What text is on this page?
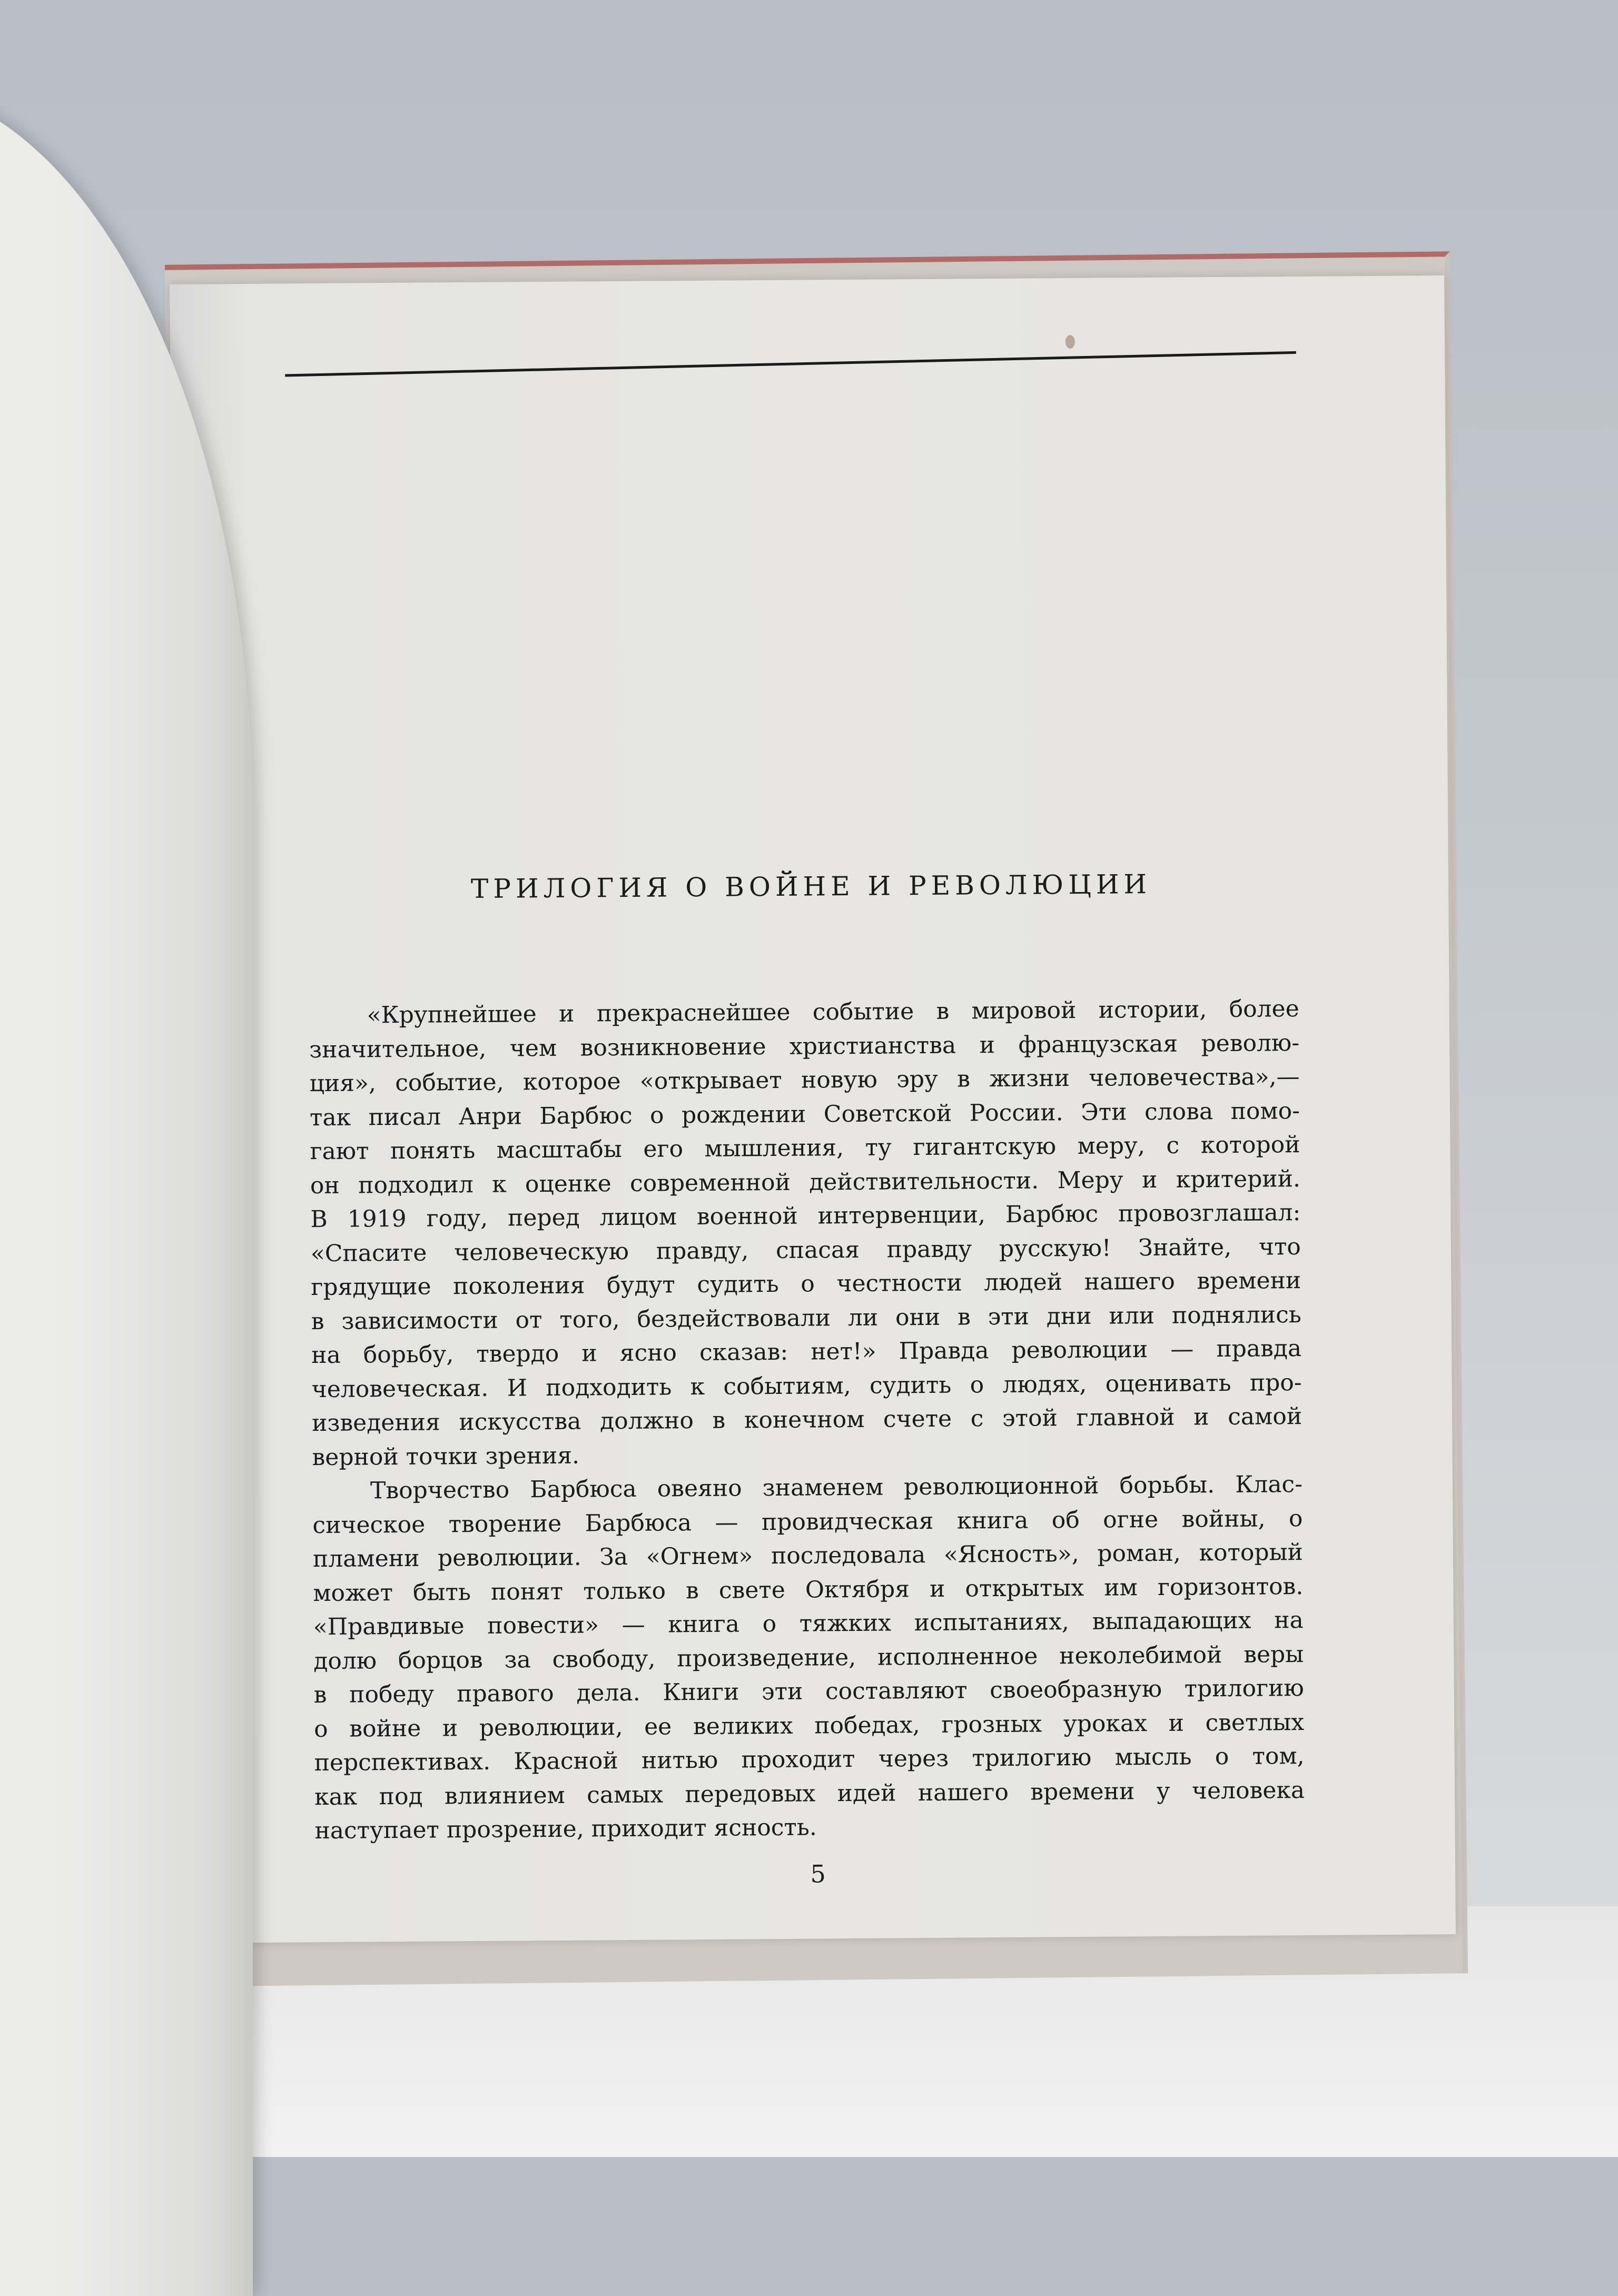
ТРИЛОГИЯ О ВОЙНЕ И РЕВОЛЮЦИИ

«Крупнейшее и прекраснейшее событие в мировой истории, более
значительное, чем возникновение христианства и французская револю-
ция», событие, которое «открывает новую эру в жизни человечества»,—
так писал Анри Барбюс о рождении Советской России. Эти слова помо-
гают понять масштабы его мышления, ту гигантскую меру, с которой
он подходил к оценке современной действительности. Меру и критерий.
В 1919 году, перед лицом военной интервенции, Барбюс провозглашал:
«Спасите человеческую правду, спасая правду русскую! Знайте, что
грядущие поколения будут судить о честности людей нашего времени
в зависимости от того, бездействовали ли они в эти дни или поднялись
на борьбу, твердо и ясно сказав: нет!» Правда революции — правда
человеческая. И подходить к событиям, судить о людях, оценивать про-
изведения искусства должно в конечном счете с этой главной и самой
верной точки зрения.

Творчество Барбюса овеяно знаменем революционной борьбы. Клас-
сическое творение Барбюса — провидческая книга об огне войны, о
пламени революции. За «Огнем» последовала «Ясность», роман, который
может быть понят только в свете Октября и открытых им горизонтов.
«Правдивые повести» — книга о тяжких испытаниях, выпадающих на
долю борцов за свободу, произведение, исполненное неколебимой веры
в победу правого дела. Книги эти составляют своеобразную трилогию
о войне и революции, ее великих победах, грозных уроках и светлых
перспективах. Красной нитью проходит через трилогию мысль о том,
как под влиянием самых передовых идей нашего времени у человека
наступает прозрение, приходит ясность.

5
